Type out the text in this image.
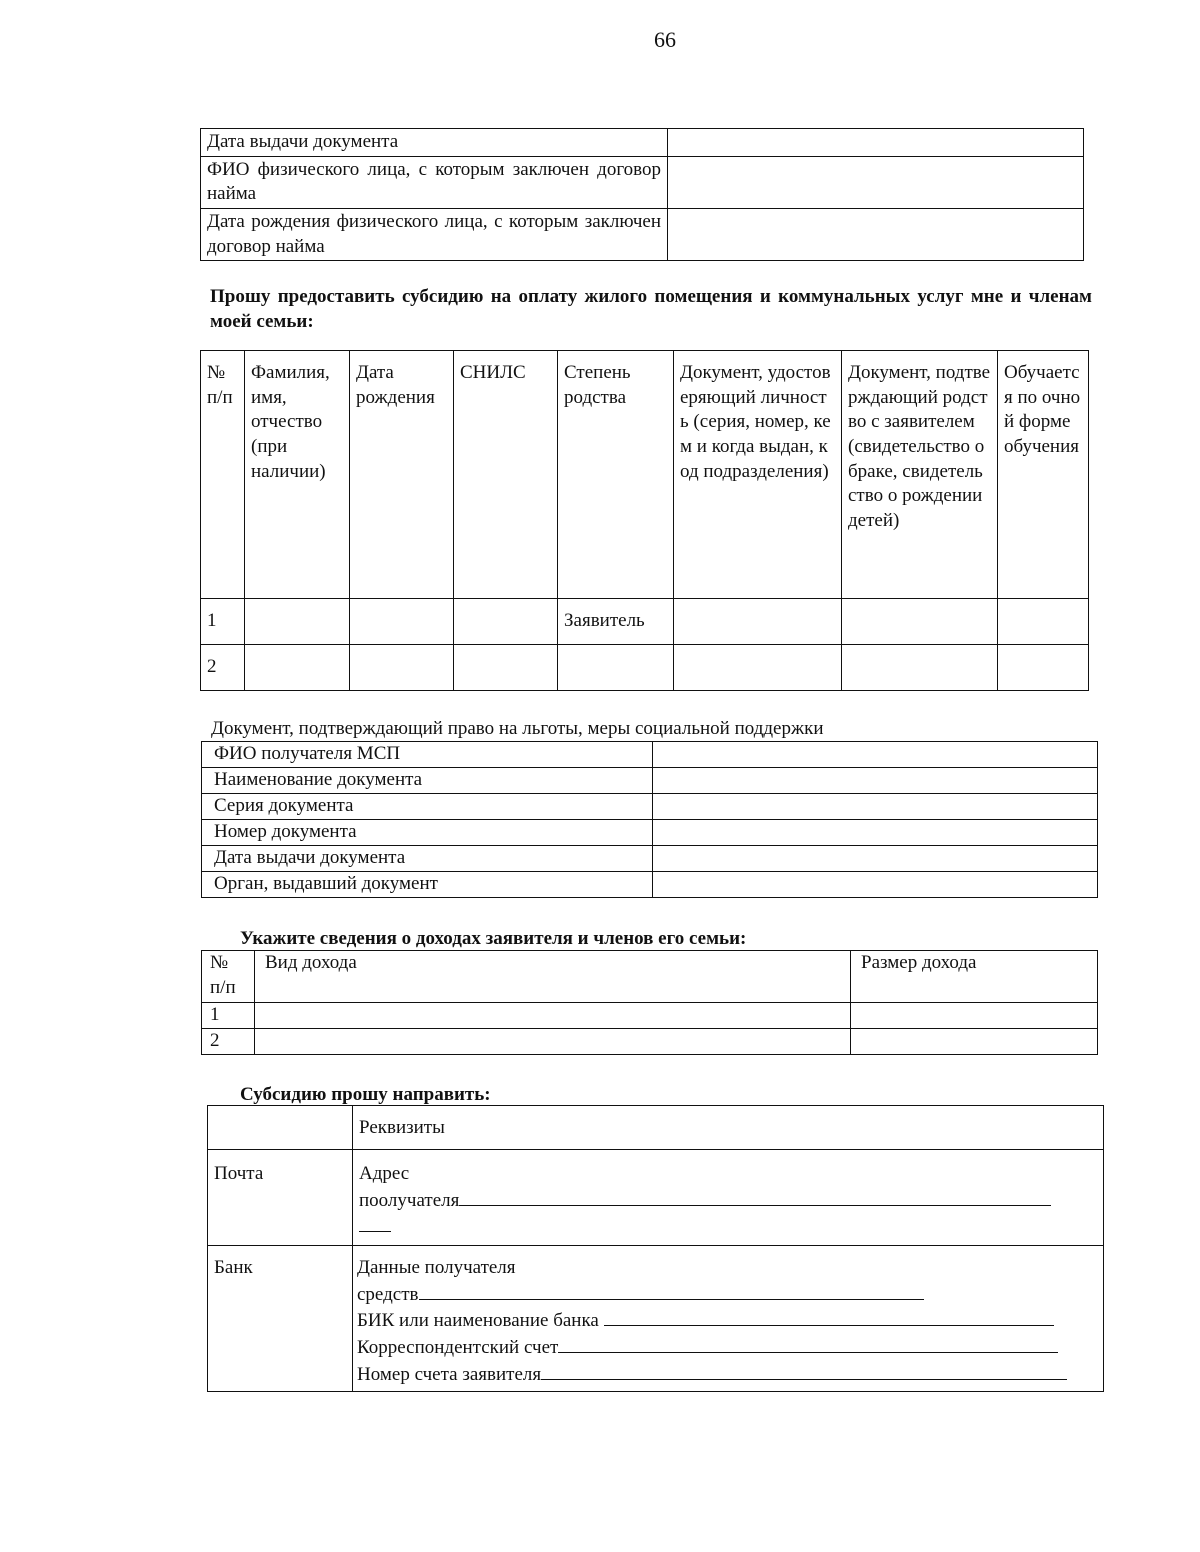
66
Дата выдачи документа	
ФИО физического лица, с которым заключен договор найма	
Дата рождения физического лица, с которым заключен договор найма	
Прошу предоставить субсидию на оплату жилого помещения и коммунальных услуг мне и членам моей семьи:
№ п/п	Фамилия, имя, отчество (при наличии)	Дата рождения	СНИЛС	Степень родства	Документ, удостоверяющий личность (серия, номер, кем и когда выдан, код подразделения)	Документ, подтверждающий родство с заявителем (свидетельство о браке, свидетельство о рождении детей)	Обучается по очной форме обучения
1				Заявитель			
2							
Документ, подтверждающий право на льготы, меры социальной поддержки
ФИО получателя МСП	
Наименование документа	
Серия документа	
Номер документа	
Дата выдачи документа	
Орган, выдавший документ	
Укажите сведения о доходах заявителя и членов его семьи:
№ п/п	Вид дохода	Размер дохода
1		
2		
Субсидию прошу направить:
	Реквизиты
Почта	Адрес
поолучателя

Банк	Данные получателя
средств
БИК или наименование банка
Корреспондентский счет
Номер счета заявителя
